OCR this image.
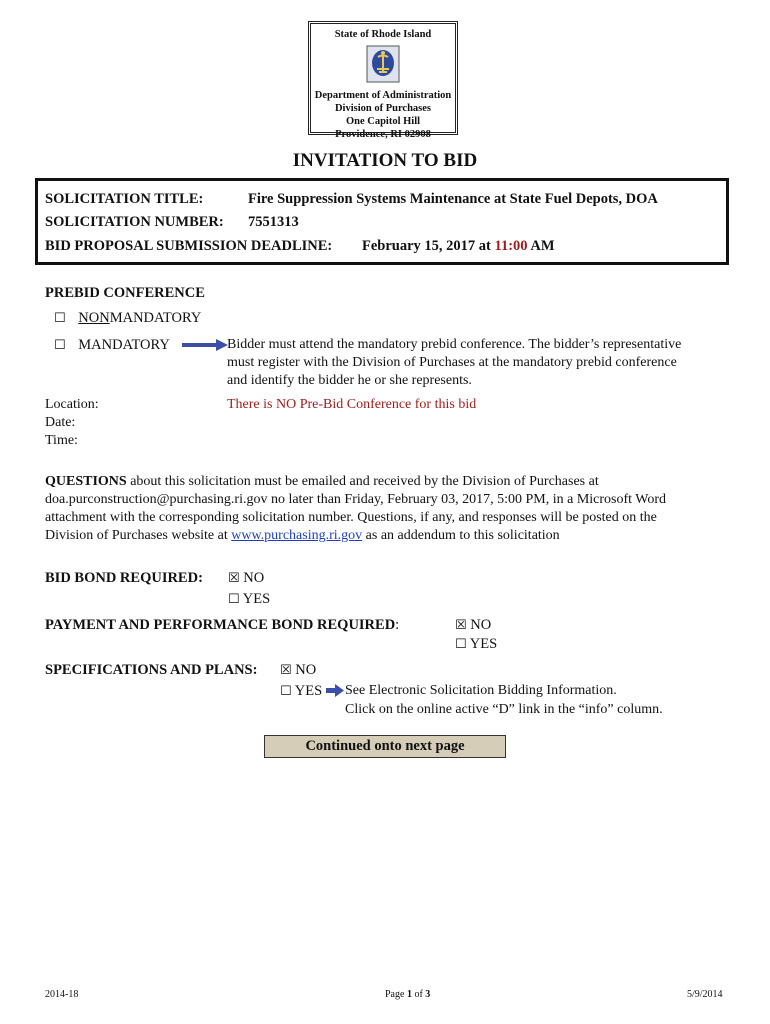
State of Rhode Island
Department of Administration
Division of Purchases
One Capitol Hill
Providence, RI 02908
INVITATION TO BID
SOLICITATION TITLE:	Fire Suppression Systems Maintenance at State Fuel Depots, DOA
SOLICITATION NUMBER: 7551313
BID PROPOSAL SUBMISSION DEADLINE: February 15, 2017 at 11:00 AM
PREBID CONFERENCE
☐ NONMANDATORY
☐ MANDATORY	Bidder must attend the mandatory prebid conference. The bidder’s representative
must register with the Division of Purchases at the mandatory prebid conference
and identify the bidder he or she represents.
Location:	There is NO Pre-Bid Conference for this bid
Date:
Time:
QUESTIONS about this solicitation must be emailed and received by the Division of Purchases at
doa.purconstruction@purchasing.ri.gov no later than Friday, February 03, 2017, 5:00 PM, in a Microsoft Word
attachment with the corresponding solicitation number. Questions, if any, and responses will be posted on the
Division of Purchases website at www.purchasing.ri.gov as an addendum to this solicitation
BID BOND REQUIRED: ☒ NO
☐ YES
PAYMENT AND PERFORMANCE BOND REQUIRED:	☒ NO
☐ YES
SPECIFICATIONS AND PLANS: ☒ NO
☐ YES See Electronic Solicitation Bidding Information.
Click on the online active “D” link in the “info” column.
Continued onto next page
2014-18	Page 1 of 3	5/9/2014
